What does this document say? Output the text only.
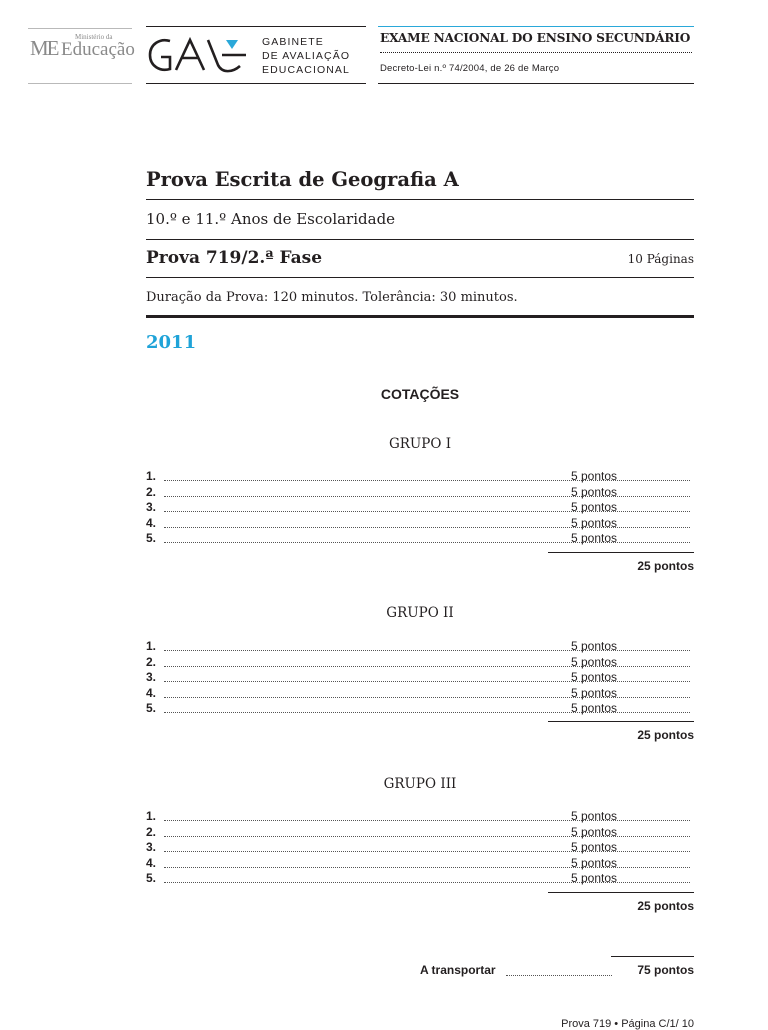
ME	Ministério da
Educação	GABINETE
DE AVALIAÇÃO
EDUCACIONAL
EXAME NACIONAL DO ENSINO SECUNDÁRIO
Decreto-Lei n.º 74/2004, de 26 de Março
Prova Escrita de Geografia A
10.º e 11.º Anos de Escolaridade
Prova 719/2.ª Fase	10 Páginas
Duração da Prova: 120 minutos. Tolerância: 30 minutos.
2011
COTAÇÕES
GRUPO I
1.	5 pontos
2.	5 pontos
3.	5 pontos
4.	5 pontos
5.	5 pontos
25 pontos
GRUPO II
1.	5 pontos
2.	5 pontos
3.	5 pontos
4.	5 pontos
5.	5 pontos
25 pontos
GRUPO III
1.	5 pontos
2.	5 pontos
3.	5 pontos
4.	5 pontos
5.	5 pontos
25 pontos
A transportar	75 pontos
Prova 719 • Página C/1/ 10
